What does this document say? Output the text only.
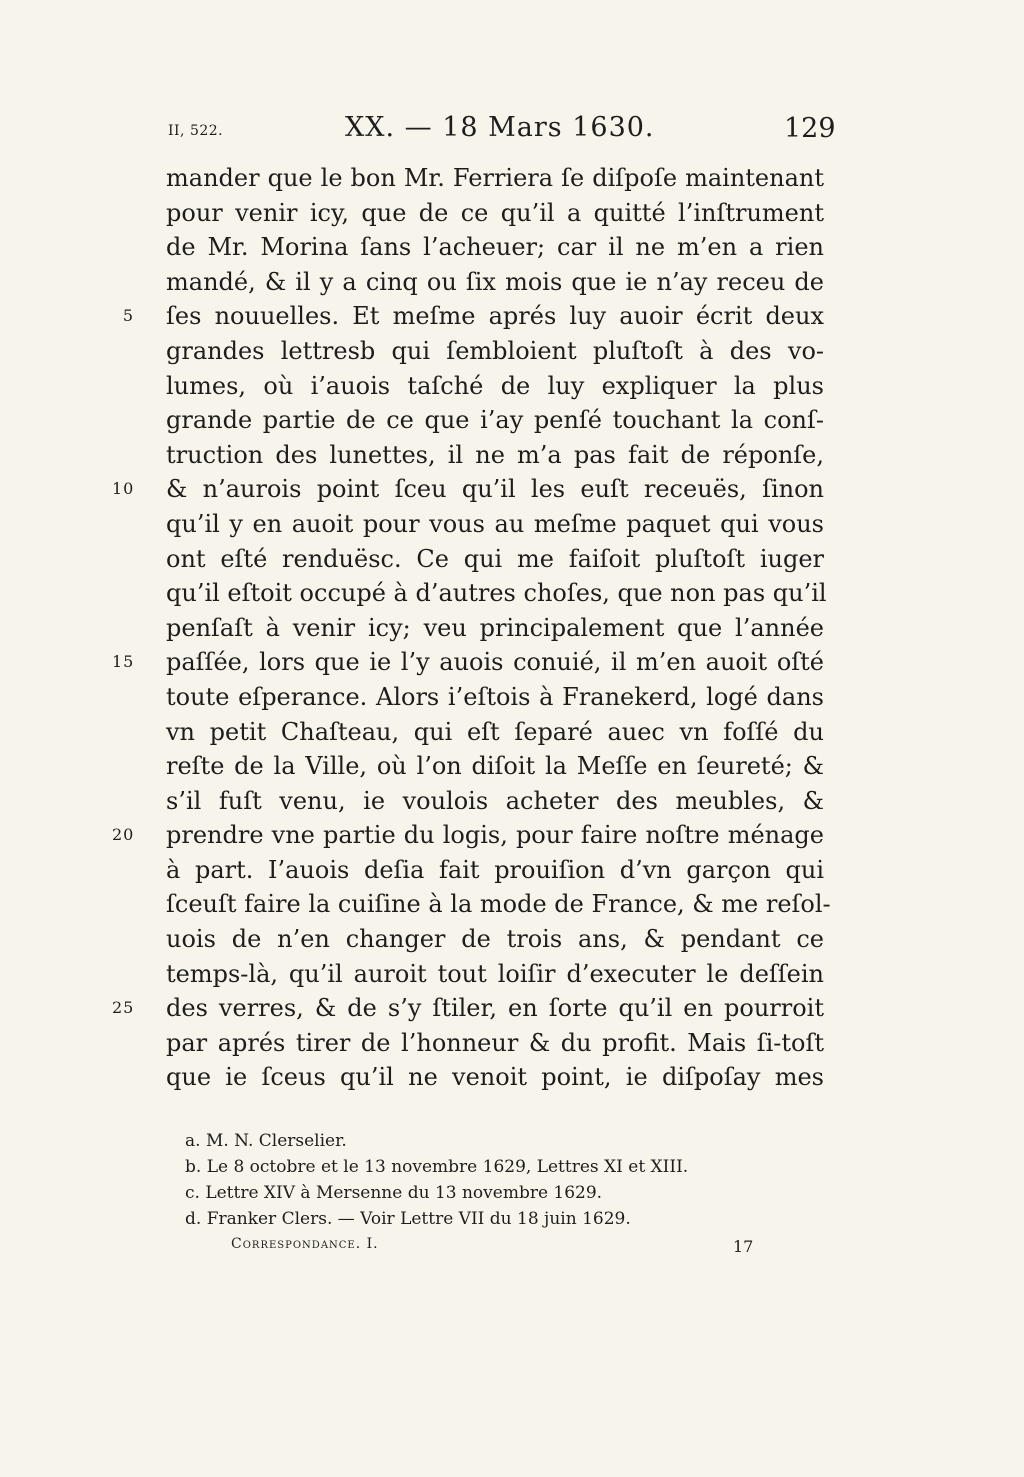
II, 522.	XX. — 18 Mars 1630.	129
mander que le bon Mr. Ferriera ſe diſpoſe maintenant
pour venir icy, que de ce qu’il a quitté l’inſtrument
de Mr. Morina ſans l’acheuer; car il ne m’en a rien
mandé, & il y a cinq ou ſix mois que ie n’ay receu de
5 ſes nouuelles. Et meſme aprés luy auoir écrit deux
grandes lettresb qui ſembloient pluſtoſt à des vo-
lumes, où i’auois taſché de luy expliquer la plus
grande partie de ce que i’ay penſé touchant la conſ-
truction des lunettes, il ne m’a pas fait de réponſe,
10 & n’aurois point ſceu qu’il les euſt receuës, ſinon
qu’il y en auoit pour vous au meſme paquet qui vous
ont eſté renduësc. Ce qui me faiſoit pluſtoſt iuger
qu’il eſtoit occupé à d’autres choſes, que non pas qu’il
penſaſt à venir icy; veu principalement que l’année
15 paſſée, lors que ie l’y auois conuié, il m’en auoit oſté
toute eſperance. Alors i’eſtois à Franekerd, logé dans
vn petit Chaſteau, qui eſt ſeparé auec vn foſſé du
reſte de la Ville, où l’on diſoit la Meſſe en ſeureté; &
s’il fuſt venu, ie voulois acheter des meubles, &
20 prendre vne partie du logis, pour faire noſtre ménage
à part. I’auois deſia fait prouiſion d’vn garçon qui
ſceuſt faire la cuiſine à la mode de France, & me reſol-
uois de n’en changer de trois ans, & pendant ce
temps-là, qu’il auroit tout loiſir d’executer le deſſein
25 des verres, & de s’y ſtiler, en ſorte qu’il en pourroit
par aprés tirer de l’honneur & du profit. Mais ſi-toſt
que ie ſceus qu’il ne venoit point, ie diſpoſay mes
a. M. N. Clerselier.
b. Le 8 octobre et le 13 novembre 1629, Lettres XI et XIII.
c. Lettre XIV à Mersenne du 13 novembre 1629.
d. Franker Clers. — Voir Lettre VII du 18 juin 1629.
Correspondance. I.	17
